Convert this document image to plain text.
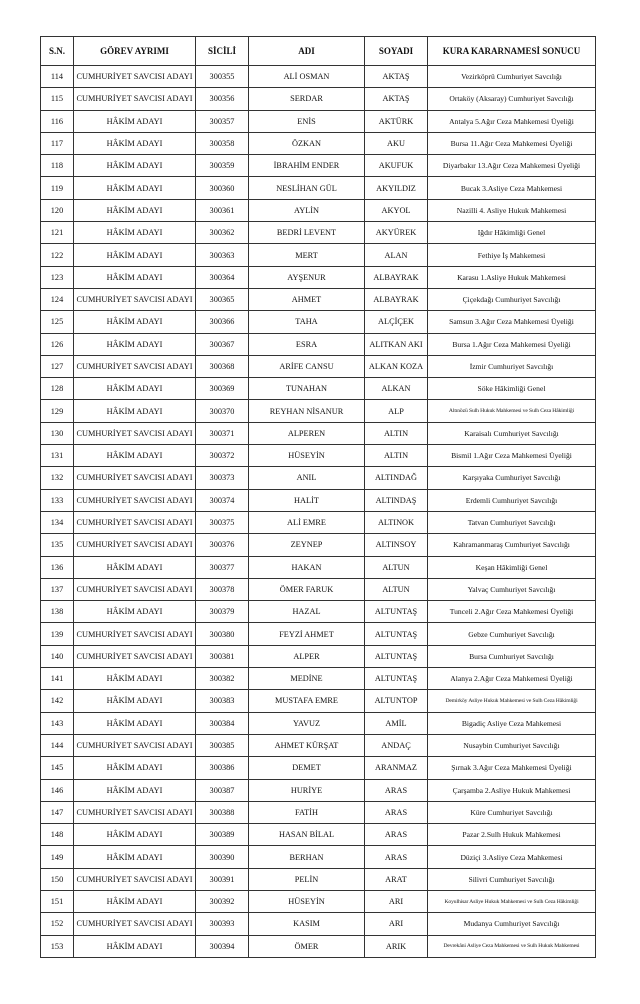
S.N.	GÖREV AYRIMI	SİCİLİ	ADI	SOYADI	KURA KARARNAMESİ SONUCU
114	CUMHURİYET SAVCISI ADAYI	300355	ALİ OSMAN	AKTAŞ	Vezirköprü Cumhuriyet Savcılığı
115	CUMHURİYET SAVCISI ADAYI	300356	SERDAR	AKTAŞ	Ortaköy (Aksaray) Cumhuriyet Savcılığı
116	HÂKİM ADAYI	300357	ENİS	AKTÜRK	Antalya 5.Ağır Ceza Mahkemesi Üyeliği
117	HÂKİM ADAYI	300358	ÖZKAN	AKU	Bursa 11.Ağır Ceza Mahkemesi Üyeliği
118	HÂKİM ADAYI	300359	İBRAHİM ENDER	AKUFUK	Diyarbakır 13.Ağır Ceza Mahkemesi Üyeliği
119	HÂKİM ADAYI	300360	NESLİHAN GÜL	AKYILDIZ	Bucak 3.Asliye Ceza Mahkemesi
120	HÂKİM ADAYI	300361	AYLİN	AKYOL	Nazilli 4. Asliye Hukuk Mahkemesi
121	HÂKİM ADAYI	300362	BEDRİ LEVENT	AKYÜREK	Iğdır Hâkimliği Genel
122	HÂKİM ADAYI	300363	MERT	ALAN	Fethiye İş Mahkemesi
123	HÂKİM ADAYI	300364	AYŞENUR	ALBAYRAK	Karasu 1.Asliye Hukuk Mahkemesi
124	CUMHURİYET SAVCISI ADAYI	300365	AHMET	ALBAYRAK	Çiçekdağı Cumhuriyet Savcılığı
125	HÂKİM ADAYI	300366	TAHA	ALÇİÇEK	Samsun 3.Ağır Ceza Mahkemesi Üyeliği
126	HÂKİM ADAYI	300367	ESRA	ALITKAN AKI	Bursa 1.Ağır Ceza Mahkemesi Üyeliği
127	CUMHURİYET SAVCISI ADAYI	300368	ARİFE CANSU	ALKAN KOZA	İzmir Cumhuriyet Savcılığı
128	HÂKİM ADAYI	300369	TUNAHAN	ALKAN	Söke Hâkimliği Genel
129	HÂKİM ADAYI	300370	REYHAN NİSANUR	ALP	Altınözü Sulh Hukuk Mahkemesi ve Sulh Ceza Hâkimliği
130	CUMHURİYET SAVCISI ADAYI	300371	ALPEREN	ALTIN	Karaisalı Cumhuriyet Savcılığı
131	HÂKİM ADAYI	300372	HÜSEYİN	ALTIN	Bismil 1.Ağır Ceza Mahkemesi Üyeliği
132	CUMHURİYET SAVCISI ADAYI	300373	ANIL	ALTINDAĞ	Karşıyaka Cumhuriyet Savcılığı
133	CUMHURİYET SAVCISI ADAYI	300374	HALİT	ALTINDAŞ	Erdemli Cumhuriyet Savcılığı
134	CUMHURİYET SAVCISI ADAYI	300375	ALİ EMRE	ALTINOK	Tatvan Cumhuriyet Savcılığı
135	CUMHURİYET SAVCISI ADAYI	300376	ZEYNEP	ALTINSOY	Kahramanmaraş Cumhuriyet Savcılığı
136	HÂKİM ADAYI	300377	HAKAN	ALTUN	Keşan Hâkimliği Genel
137	CUMHURİYET SAVCISI ADAYI	300378	ÖMER FARUK	ALTUN	Yalvaç Cumhuriyet Savcılığı
138	HÂKİM ADAYI	300379	HAZAL	ALTUNTAŞ	Tunceli 2.Ağır Ceza Mahkemesi Üyeliği
139	CUMHURİYET SAVCISI ADAYI	300380	FEYZİ AHMET	ALTUNTAŞ	Gebze Cumhuriyet Savcılığı
140	CUMHURİYET SAVCISI ADAYI	300381	ALPER	ALTUNTAŞ	Bursa Cumhuriyet Savcılığı
141	HÂKİM ADAYI	300382	MEDİNE	ALTUNTAŞ	Alanya 2.Ağır Ceza Mahkemesi Üyeliği
142	HÂKİM ADAYI	300383	MUSTAFA EMRE	ALTUNTOP	Demirköy Asliye Hukuk Mahkemesi ve Sulh Ceza Hâkimliği
143	HÂKİM ADAYI	300384	YAVUZ	AMİL	Bigadiç Asliye Ceza Mahkemesi
144	CUMHURİYET SAVCISI ADAYI	300385	AHMET KÜRŞAT	ANDAÇ	Nusaybin Cumhuriyet Savcılığı
145	HÂKİM ADAYI	300386	DEMET	ARANMAZ	Şırnak 3.Ağır Ceza Mahkemesi Üyeliği
146	HÂKİM ADAYI	300387	HURİYE	ARAS	Çarşamba 2.Asliye Hukuk Mahkemesi
147	CUMHURİYET SAVCISI ADAYI	300388	FATİH	ARAS	Küre Cumhuriyet Savcılığı
148	HÂKİM ADAYI	300389	HASAN BİLAL	ARAS	Pazar 2.Sulh Hukuk Mahkemesi
149	HÂKİM ADAYI	300390	BERHAN	ARAS	Düziçi 3.Asliye Ceza Mahkemesi
150	CUMHURİYET SAVCISI ADAYI	300391	PELİN	ARAT	Silivri Cumhuriyet Savcılığı
151	HÂKİM ADAYI	300392	HÜSEYİN	ARI	Koyulhisar Asliye Hukuk Mahkemesi ve Sulh Ceza Hâkimliği
152	CUMHURİYET SAVCISI ADAYI	300393	KASIM	ARI	Mudanya Cumhuriyet Savcılığı
153	HÂKİM ADAYI	300394	ÖMER	ARIK	Devrekâni Asliye Ceza Mahkemesi ve Sulh Hukuk Mahkemesi
